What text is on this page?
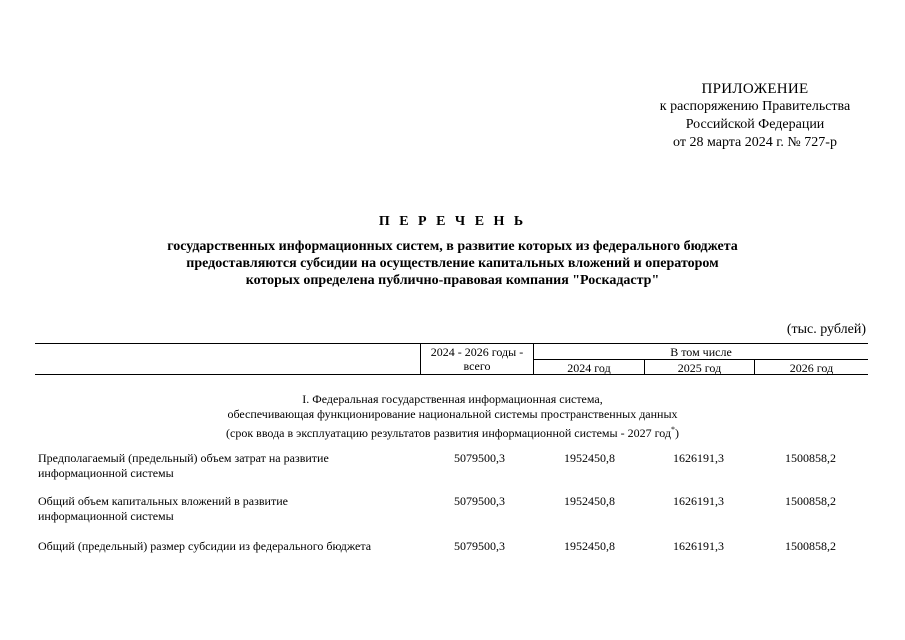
ПРИЛОЖЕНИЕ
к распоряжению Правительства
Российской Федерации
от 28 марта 2024 г. № 727-р
П Е Р Е Ч Е Н Ь
государственных информационных систем, в развитие которых из федерального бюджета
предоставляются субсидии на осуществление капитальных вложений и оператором
которых определена публично-правовая компания "Роскадастр"
(тыс. рублей)
2024 - 2026 годы -
всего
В том числе
2024 год	2025 год	2026 год
I. Федеральная государственная информационная система,
обеспечивающая функционирование национальной системы пространственных данных
(срок ввода в эксплуатацию результатов развития информационной системы - 2027 год*)
Предполагаемый (предельный) объем затрат на развитие
информационной системы
5079500,3	1952450,8	1626191,3	1500858,2
Общий объем капитальных вложений в развитие
информационной системы
5079500,3	1952450,8	1626191,3	1500858,2
Общий (предельный) размер субсидии из федерального бюджета	5079500,3	1952450,8	1626191,3	1500858,2
